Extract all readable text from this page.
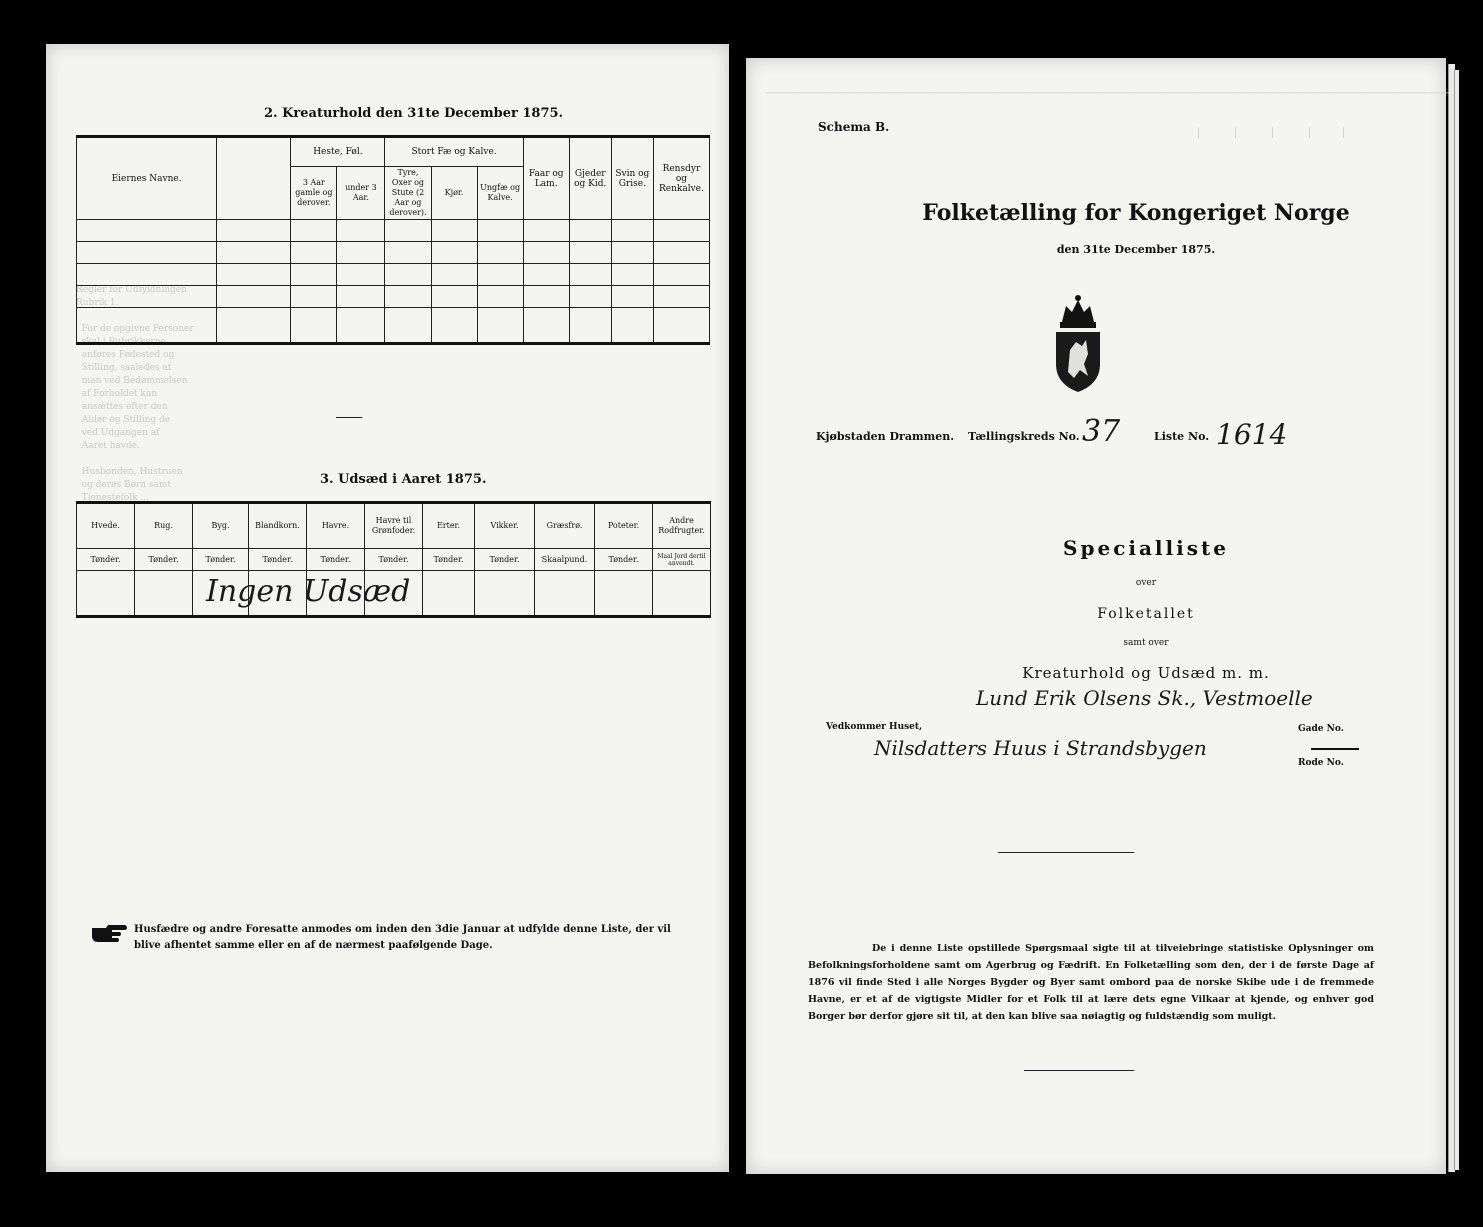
Regler for Udfyldningen
Rubrik 1.

For de opgivne Personer
skal i Rubrikkerne
anføres Fødested og
Stilling, saaledes at
man ved Bedømmelsen
af Forholdet kan
ansættes efter den
Alder og Stilling de
ved Udgangen af
Aaret havde.

Husbonden, Hustruen
og deres Børn samt
Tjenestefolk ...
2. Kreaturhold den 31te December 1875.
Eiernes Navne.		Heste, Føl.		Stort Fæ og Kalve.			Faar og Lam.	Gjeder og Kid.	Svin og Grise.	Rensdyr og Renkalve.
		3 Aar gamle og derover.	under 3 Aar.	Tyre, Oxer og Stute (2 Aar og derover).	Kjør.	Ungfæ og Kalve.				

3. Udsæd i Aaret 1875.
Hvede.	Rug.	Byg.	Blandkorn.	Havre.	Havre til Grønfoder.	Erter.	Vikker.	Græsfrø.	Poteter.	Andre Rodfrugter.
Tønder.	Tønder.	Tønder.	Tønder.	Tønder.	Tønder.	Tønder.	Tønder.	Skaalpund.	Tønder.	Maal Jord dertil anvendt.

Ingen Udsæd
Husfædre og andre Foresatte anmodes om inden den 3die Januar at udfylde denne Liste, der vil blive afhentet samme eller en af de nærmest paafølgende Dage.
──────────────────────────────────────────────────────────────────────────────────────────────────────────────────────────────
│           │           │           │          │
Schema B.
Folketælling for Kongeriget Norge
den 31te December 1875.
Kjøbstaden Drammen. Tællingskreds No. 37	Liste No. 1614
Specialliste
over
Folketallet
samt over
Kreaturhold og Udsæd m. m.
Lund Erik Olsens Sk., Vestmoelle
Vedkommer Huset,	Gade No.
Nilsdatters Huus i Strandsbygen
Rode No.
De i denne Liste opstillede Spørgsmaal sigte til at tilveiebringe statistiske Oplysninger om Befolkningsforholdene samt om Agerbrug og Fædrift. En Folketælling som den, der i de første Dage af 1876 vil finde Sted i alle Norges Bygder og Byer samt ombord paa de norske Skibe ude i de fremmede Havne, er et af de vigtigste Midler for et Folk til at lære dets egne Vilkaar at kjende, og enhver god Borger bør derfor gjøre sit til, at den kan blive saa nøiagtig og fuldstændig som muligt.
